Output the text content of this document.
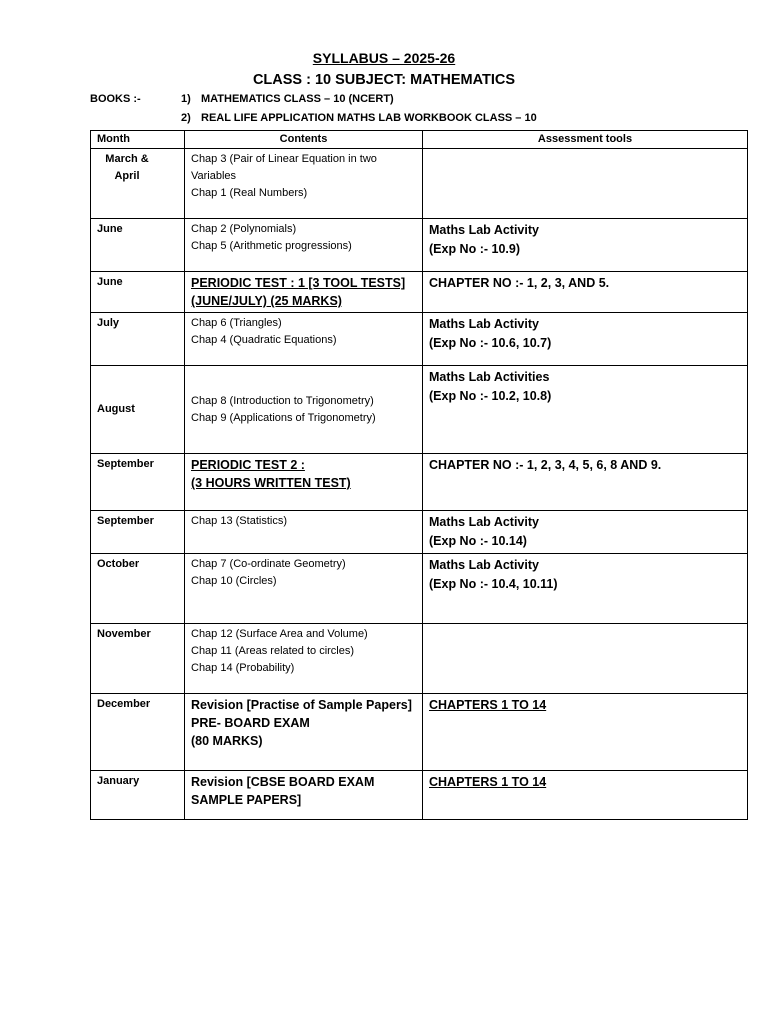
SYLLABUS – 2025-26
CLASS : 10 SUBJECT: MATHEMATICS
BOOKS :-	1) MATHEMATICS CLASS – 10 (NCERT)
2) REAL LIFE APPLICATION MATHS LAB WORKBOOK CLASS – 10
Month	Contents	Assessment tools

March &
April	Chap 3 (Pair of Linear Equation in two Variables
Chap 1 (Real Numbers)	

June	Chap 2 (Polynomials)
Chap 5 (Arithmetic progressions)	Maths Lab Activity
(Exp No :- 10.9)

June	PERIODIC TEST : 1 [3 TOOL TESTS]
(JUNE/JULY) (25 MARKS)	CHAPTER NO :- 1, 2, 3, AND 5.

July	Chap 6 (Triangles)
Chap 4 (Quadratic Equations)	Maths Lab Activity
(Exp No :- 10.6, 10.7)

August	Chap 8 (Introduction to Trigonometry)
Chap 9 (Applications of Trigonometry)	Maths Lab Activities
(Exp No :- 10.2, 10.8)

September	PERIODIC TEST 2 :
(3 HOURS WRITTEN TEST)	CHAPTER NO :- 1, 2, 3, 4, 5, 6, 8 AND 9.

September	Chap 13 (Statistics)	Maths Lab Activity
(Exp No :- 10.14)

October	Chap 7 (Co-ordinate Geometry)
Chap 10 (Circles)	Maths Lab Activity
(Exp No :- 10.4, 10.11)

November	Chap 12 (Surface Area and Volume)
Chap 11 (Areas related to circles)
Chap 14 (Probability)	

December	Revision [Practise of Sample Papers]
PRE- BOARD EXAM
(80 MARKS)	CHAPTERS 1 TO 14

January	Revision [CBSE BOARD EXAM SAMPLE PAPERS]	CHAPTERS 1 TO 14
